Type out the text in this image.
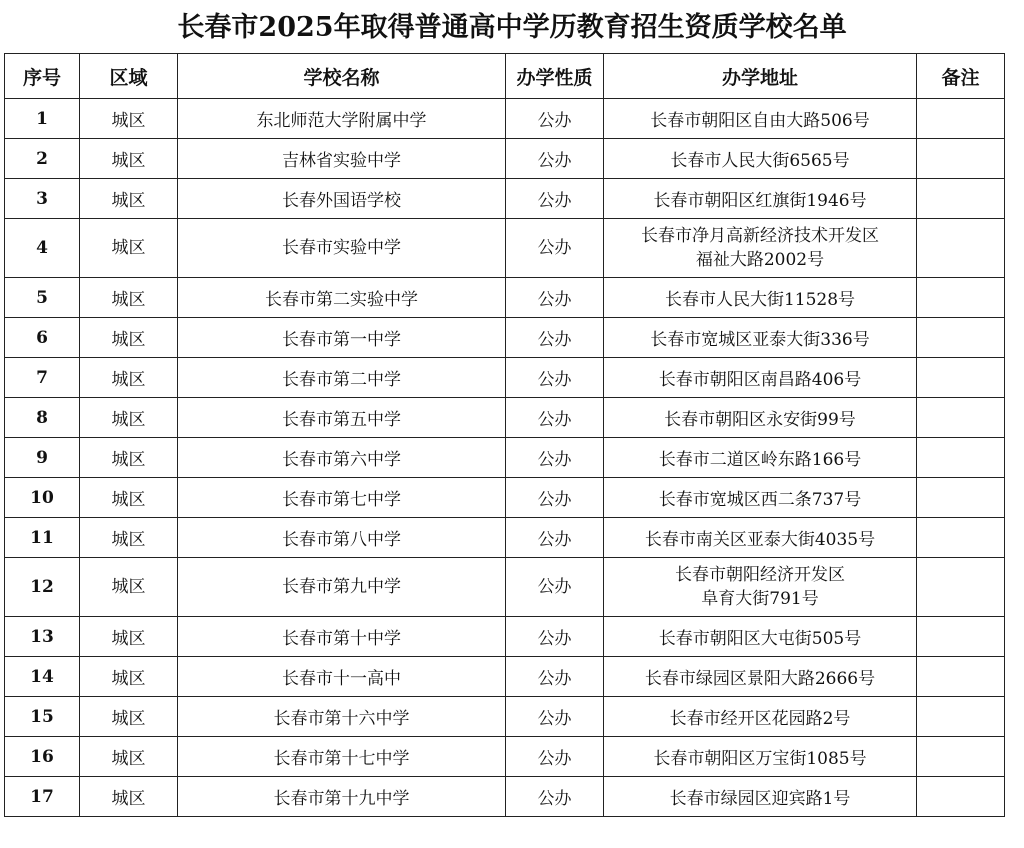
长春市2025年取得普通高中学历教育招生资质学校名单
序号	区域	学校名称	办学性质	办学地址	备注
1	城区	东北师范大学附属中学	公办	长春市朝阳区自由大路506号	

2	城区	吉林省实验中学	公办	长春市人民大街6565号	

3	城区	长春外国语学校	公办	长春市朝阳区红旗街1946号	

4	城区	长春市实验中学	公办	长春市净月高新经济技术开发区
福祉大路2002号	

5	城区	长春市第二实验中学	公办	长春市人民大街11528号	

6	城区	长春市第一中学	公办	长春市宽城区亚泰大街336号	

7	城区	长春市第二中学	公办	长春市朝阳区南昌路406号	

8	城区	长春市第五中学	公办	长春市朝阳区永安街99号	

9	城区	长春市第六中学	公办	长春市二道区岭东路166号	

10	城区	长春市第七中学	公办	长春市宽城区西二条737号	

11	城区	长春市第八中学	公办	长春市南关区亚泰大街4035号	

12	城区	长春市第九中学	公办	长春市朝阳经济开发区
阜育大街791号	

13	城区	长春市第十中学	公办	长春市朝阳区大屯街505号	

14	城区	长春市十一高中	公办	长春市绿园区景阳大路2666号	

15	城区	长春市第十六中学	公办	长春市经开区花园路2号	

16	城区	长春市第十七中学	公办	长春市朝阳区万宝街1085号	

17	城区	长春市第十九中学	公办	长春市绿园区迎宾路1号	
